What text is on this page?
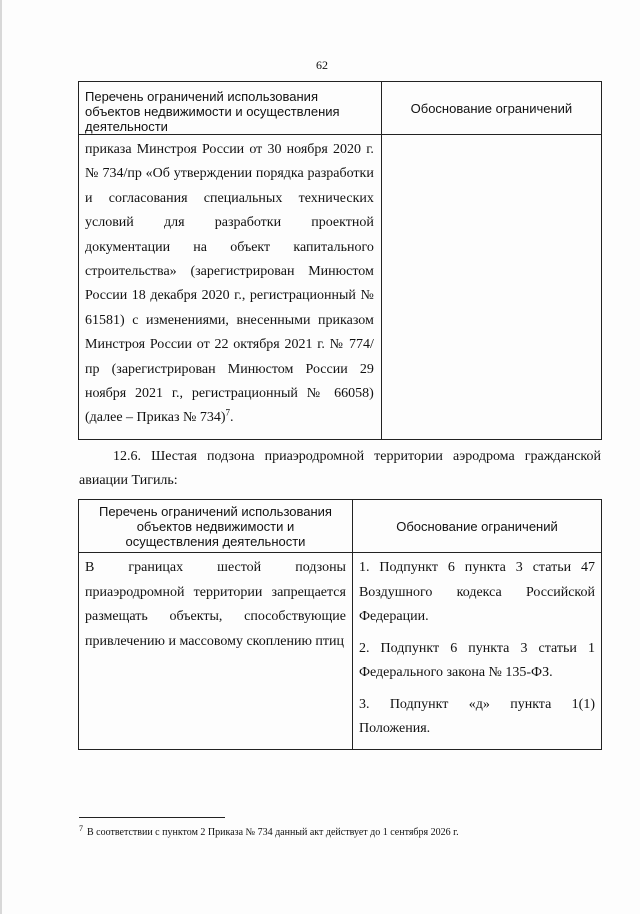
62
Перечень ограничений использования объектов недвижимости и осуществления деятельности	Обоснование ограничений
приказа Минстроя России от 30 ноября 2020 г. № 734/пр «Об утверждении порядка разработки и согласования специальных технических условий для разработки проектной документации на объект капитального строительства» (зарегистрирован Минюстом России 18 декабря 2020 г., регистрационный № 61581) с изменениями, внесенными приказом Минстроя России от 22 октября 2021 г. № 774/пр (зарегистрирован Минюстом России 29 ноября 2021 г., регистрационный № 66058) (далее – Приказ № 734)$^7$.	
12.6. Шестая подзона приаэродромной территории аэродрома гражданской авиации Тигиль:
Перечень ограничений использования объектов недвижимости и осуществления деятельности	Обоснование ограничений
В границах шестой подзоны приаэродромной территории запрещается размещать объекты, способствующие привлечению и массовому скоплению птиц	1. Подпункт 6 пункта 3 статьи 47 Воздушного кодекса Российской Федерации.

2. Подпункт 6 пункта 3 статьи 1 Федерального закона № 135-ФЗ.

3. Подпункт «д» пункта 1(1) Положения.

$^7$ В соответствии с пунктом 2 Приказа № 734 данный акт действует до 1 сентября 2026 г.
